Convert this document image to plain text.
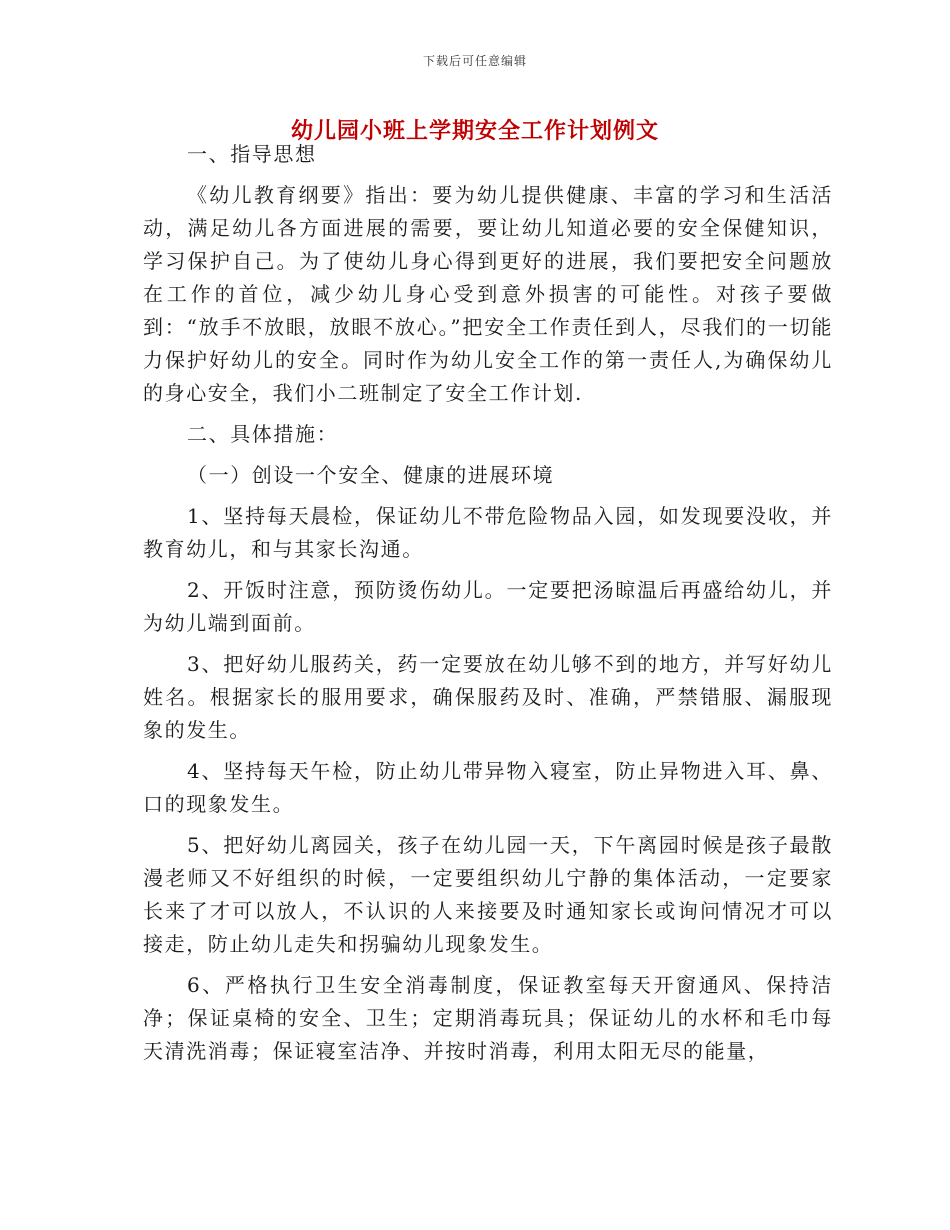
下载后可任意编辑
幼儿园小班上学期安全工作计划例文

一、指导思想

《幼儿教育纲要》指出：要为幼儿提供健康、丰富的学习和生活活动，满足幼儿各方面进展的需要，要让幼儿知道必要的安全保健知识，学习保护自己。为了使幼儿身心得到更好的进展，我们要把安全问题放在工作的首位，减少幼儿身心受到意外损害的可能性。对孩子要做到：“放手不放眼，放眼不放心。”把安全工作责任到人，尽我们的一切能力保护好幼儿的安全。同时作为幼儿安全工作的第一责任人,为确保幼儿的身心安全，我们小二班制定了安全工作计划.

二、具体措施：

（一）创设一个安全、健康的进展环境

1、坚持每天晨检，保证幼儿不带危险物品入园，如发现要没收，并教育幼儿，和与其家长沟通。

2、开饭时注意，预防烫伤幼儿。一定要把汤晾温后再盛给幼儿，并为幼儿端到面前。

3、把好幼儿服药关，药一定要放在幼儿够不到的地方，并写好幼儿姓名。根据家长的服用要求，确保服药及时、准确，严禁错服、漏服现象的发生。

4、坚持每天午检，防止幼儿带异物入寝室，防止异物进入耳、鼻、口的现象发生。

5、把好幼儿离园关，孩子在幼儿园一天，下午离园时候是孩子最散漫老师又不好组织的时候，一定要组织幼儿宁静的集体活动，一定要家长来了才可以放人，不认识的人来接要及时通知家长或询问情况才可以接走，防止幼儿走失和拐骗幼儿现象发生。

6、严格执行卫生安全消毒制度，保证教室每天开窗通风、保持洁净；保证桌椅的安全、卫生；定期消毒玩具；保证幼儿的水杯和毛巾每天清洗消毒；保证寝室洁净、并按时消毒，利用太阳无尽的能量，
